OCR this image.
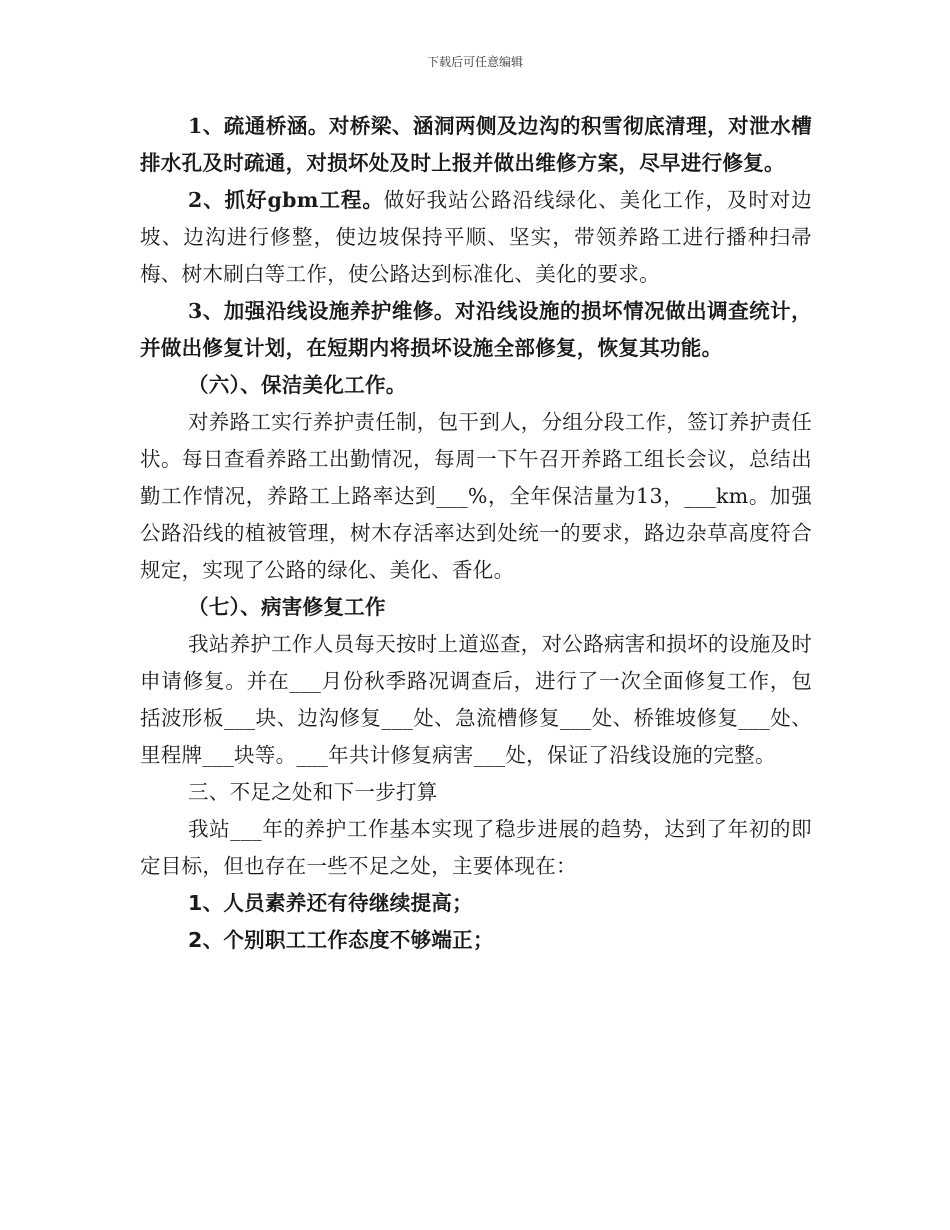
下载后可任意编辑

1、疏通桥涵。对桥梁、涵洞两侧及边沟的积雪彻底清理，对泄水槽排水孔及时疏通，对损坏处及时上报并做出维修方案，尽早进行修复。

2、抓好gbm工程。做好我站公路沿线绿化、美化工作，及时对边坡、边沟进行修整，使边坡保持平顺、坚实，带领养路工进行播种扫帚梅、树木刷白等工作，使公路达到标准化、美化的要求。

3、加强沿线设施养护维修。对沿线设施的损坏情况做出调查统计，并做出修复计划，在短期内将损坏设施全部修复，恢复其功能。

（六）、保洁美化工作。

对养路工实行养护责任制，包干到人，分组分段工作，签订养护责任状。每日查看养路工出勤情况，每周一下午召开养路工组长会议，总结出勤工作情况，养路工上路率达到___%，全年保洁量为13，___km。加强公路沿线的植被管理，树木存活率达到处统一的要求，路边杂草高度符合规定，实现了公路的绿化、美化、香化。

（七）、病害修复工作

我站养护工作人员每天按时上道巡查，对公路病害和损坏的设施及时申请修复。并在___月份秋季路况调查后，进行了一次全面修复工作，包括波形板___块、边沟修复___处、急流槽修复___处、桥锥坡修复___处、里程牌___块等。___年共计修复病害___处，保证了沿线设施的完整。

三、不足之处和下一步打算

我站___年的养护工作基本实现了稳步进展的趋势，达到了年初的即定目标，但也存在一些不足之处，主要体现在：

1、人员素养还有待继续提高；

2、个别职工工作态度不够端正；
